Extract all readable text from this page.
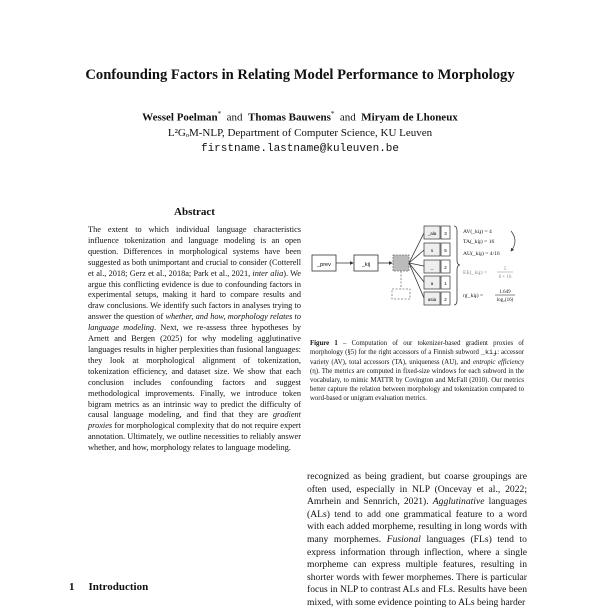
Confounding Factors in Relating Model Performance to Morphology
Wessel Poelman* and Thomas Bauwens* and Miryam de Lhoneux
L²GₒM-NLP, Department of Computer Science, KU Leuven
firstname.lastname@kuleuven.be
Abstract
The extent to which individual language characteristics influence tokenization and language modeling is an open question. Differences in morphological systems have been suggested as both unimportant and crucial to consider (Cotterell et al., 2018; Gerz et al., 2018a; Park et al., 2021, inter alia). We argue this conflicting evidence is due to confounding factors in experimental setups, making it hard to compare results and draw conclusions. We identify such factors in analyses trying to answer the question of whether, and how, morphology relates to language modeling. Next, we re-assess three hypotheses by Arnett and Bergen (2025) for why modeling agglutinative languages results in higher perplexities than fusional languages: they look at morphological alignment of tokenization, tokenization efficiency, and dataset size. We show that each conclusion includes confounding factors and suggest methodological improvements. Finally, we introduce token bigram metrics as an intrinsic way to predict the difficulty of causal language modeling, and find that they are gradient proxies for morphological complexity that do not require expert annotation. Ultimately, we outline necessities to reliably answer whether, and how, morphology relates to language modeling.
1 Introduction
_prev	_kij
_ala 3
s 5
_ 2
a 1
asia 2
AV(_kiɟ) = 4
TA(_kiɟ) = 16
AU(_kiɟ) = 4/16
EE(_kiɟ) =
5
6 + 16
η(_kiɟ) =
1.649
log₂(16)
Figure 1 – Computation of our tokenizer-based gradient proxies of morphology (§5) for the right accessors of a Finnish subword _kiɟ: accessor variety (AV), total accessors (TA), uniqueness (AU), and entropic efficiency (η). The metrics are computed in fixed-size windows for each subword in the vocabulary, to mimic MATTR by Covington and McFall (2010). Our metrics better capture the relation between morphology and tokenization compared to word-based or unigram evaluation metrics.
recognized as being gradient, but coarse groupings are often used, especially in NLP (Oncevay et al., 2022; Amrhein and Sennrich, 2021). Agglutinative languages (ALs) tend to add one grammatical feature to a word with each added morpheme, resulting in long words with many morphemes. Fusional languages (FLs) tend to express information through inflection, where a single morpheme can express multiple features, resulting in shorter words with fewer morphemes. There is particular focus in NLP to contrast ALs and FLs. Results have been mixed, with some evidence pointing to ALs being harder
